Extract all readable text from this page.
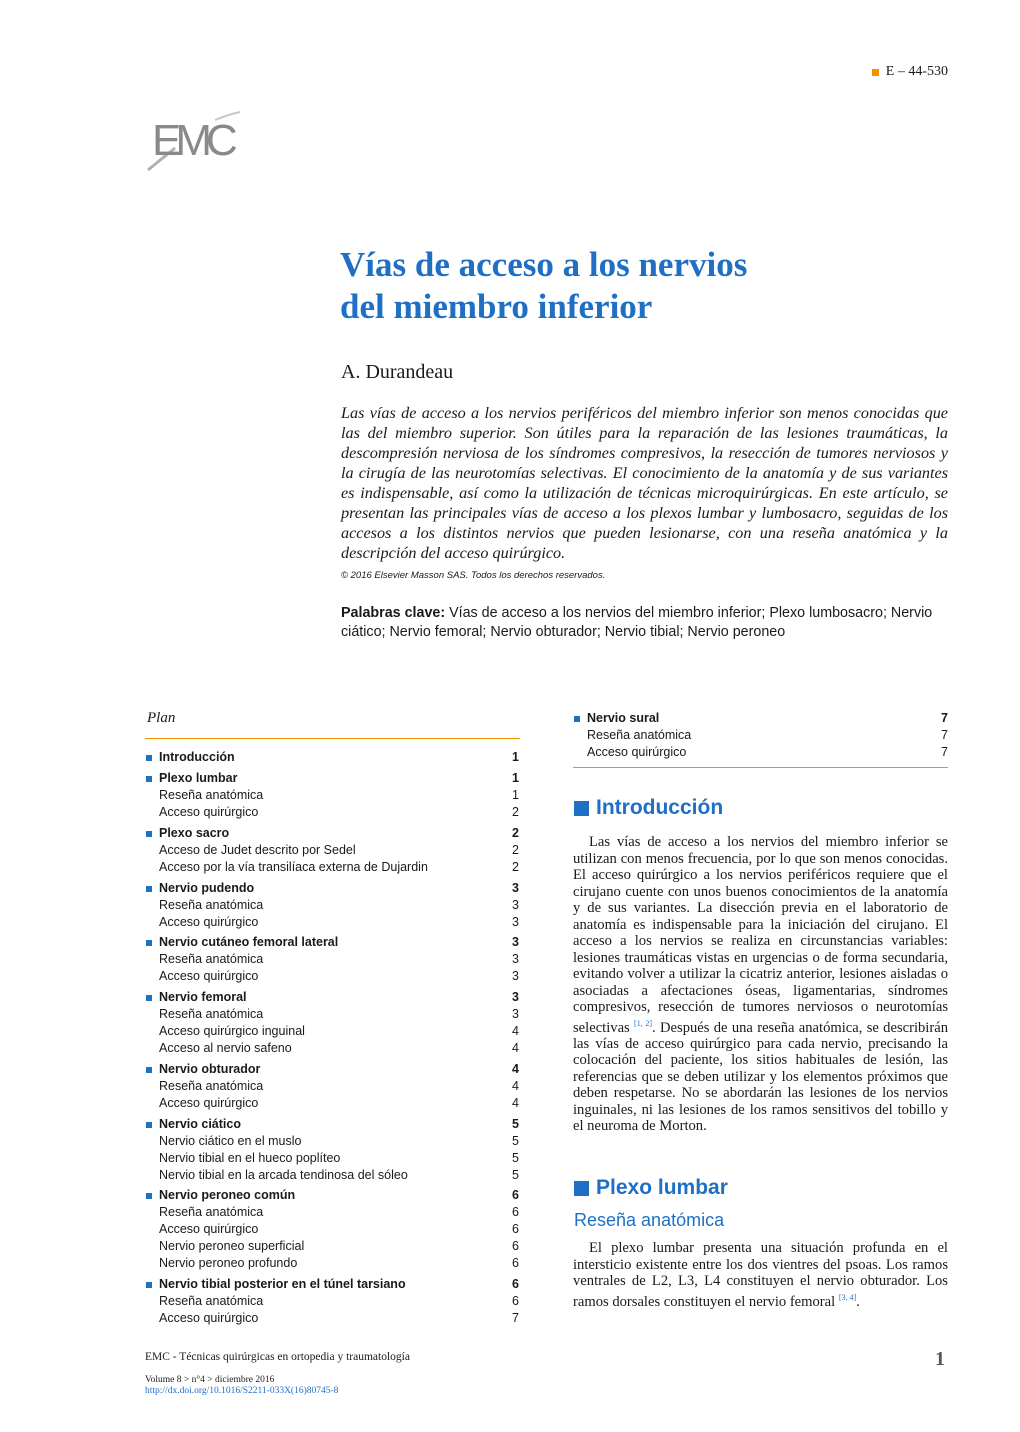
E – 44-530
EMC
Vías de acceso a los nervios
del miembro inferior
A. Durandeau
Las vías de acceso a los nervios periféricos del miembro inferior son menos conocidas que las del miembro superior. Son útiles para la reparación de las lesiones traumáticas, la descompresión nerviosa de los síndromes compresivos, la resección de tumores nerviosos y la cirugía de las neurotomías selectivas. El conocimiento de la anatomía y de sus variantes es indispensable, así como la utilización de técnicas microquirúrgicas. En este artículo, se presentan las principales vías de acceso a los plexos lumbar y lumbosacro, seguidas de los accesos a los distintos nervios que pueden lesionarse, con una reseña anatómica y la descripción del acceso quirúrgico.
© 2016 Elsevier Masson SAS. Todos los derechos reservados.
Palabras clave: Vías de acceso a los nervios del miembro inferior; Plexo lumbosacro; Nervio ciático; Nervio femoral; Nervio obturador; Nervio tibial; Nervio peroneo
Plan
Introducción	1
Plexo lumbar	1
Reseña anatómica	1
Acceso quirúrgico	2
Plexo sacro	2
Acceso de Judet descrito por Sedel	2
Acceso por la vía transilíaca externa de Dujardin	2
Nervio pudendo	3
Reseña anatómica	3
Acceso quirúrgico	3
Nervio cutáneo femoral lateral	3
Reseña anatómica	3
Acceso quirúrgico	3
Nervio femoral	3
Reseña anatómica	3
Acceso quirúrgico inguinal	4
Acceso al nervio safeno	4
Nervio obturador	4
Reseña anatómica	4
Acceso quirúrgico	4
Nervio ciático	5
Nervio ciático en el muslo	5
Nervio tibial en el hueco poplíteo	5
Nervio tibial en la arcada tendinosa del sóleo	5
Nervio peroneo común	6
Reseña anatómica	6
Acceso quirúrgico	6
Nervio peroneo superficial	6
Nervio peroneo profundo	6
Nervio tibial posterior en el túnel tarsiano	6
Reseña anatómica	6
Acceso quirúrgico	7
Nervio sural	7
Reseña anatómica	7
Acceso quirúrgico	7
Introducción

Las vías de acceso a los nervios del miembro inferior se utilizan con menos frecuencia, por lo que son menos conocidas. El acceso quirúrgico a los nervios periféricos requiere que el cirujano cuente con unos buenos conocimientos de la anatomía y de sus variantes. La disección previa en el laboratorio de anatomía es indispensable para la iniciación del cirujano. El acceso a los nervios se realiza en circunstancias variables: lesiones traumáticas vistas en urgencias o de forma secundaria, evitando volver a utilizar la cicatriz anterior, lesiones aisladas o asociadas a afectaciones óseas, ligamentarias, síndromes compresivos, resección de tumores nerviosos o neurotomías selectivas [1, 2]. Después de una reseña anatómica, se describirán las vías de acceso quirúrgico para cada nervio, precisando la colocación del paciente, los sitios habituales de lesión, las referencias que se deben utilizar y los elementos próximos que deben respetarse. No se abordarán las lesiones de los nervios inguinales, ni las lesiones de los ramos sensitivos del tobillo y el neuroma de Morton.

Plexo lumbar
Reseña anatómica

El plexo lumbar presenta una situación profunda en el intersticio existente entre los dos vientres del psoas. Los ramos ventrales de L2, L3, L4 constituyen el nervio obturador. Los ramos dorsales constituyen el nervio femoral [3, 4].

EMC - Técnicas quirúrgicas en ortopedia y traumatología
Volume 8 > n°4 > diciembre 2016
http://dx.doi.org/10.1016/S2211-033X(16)80745-8
1
